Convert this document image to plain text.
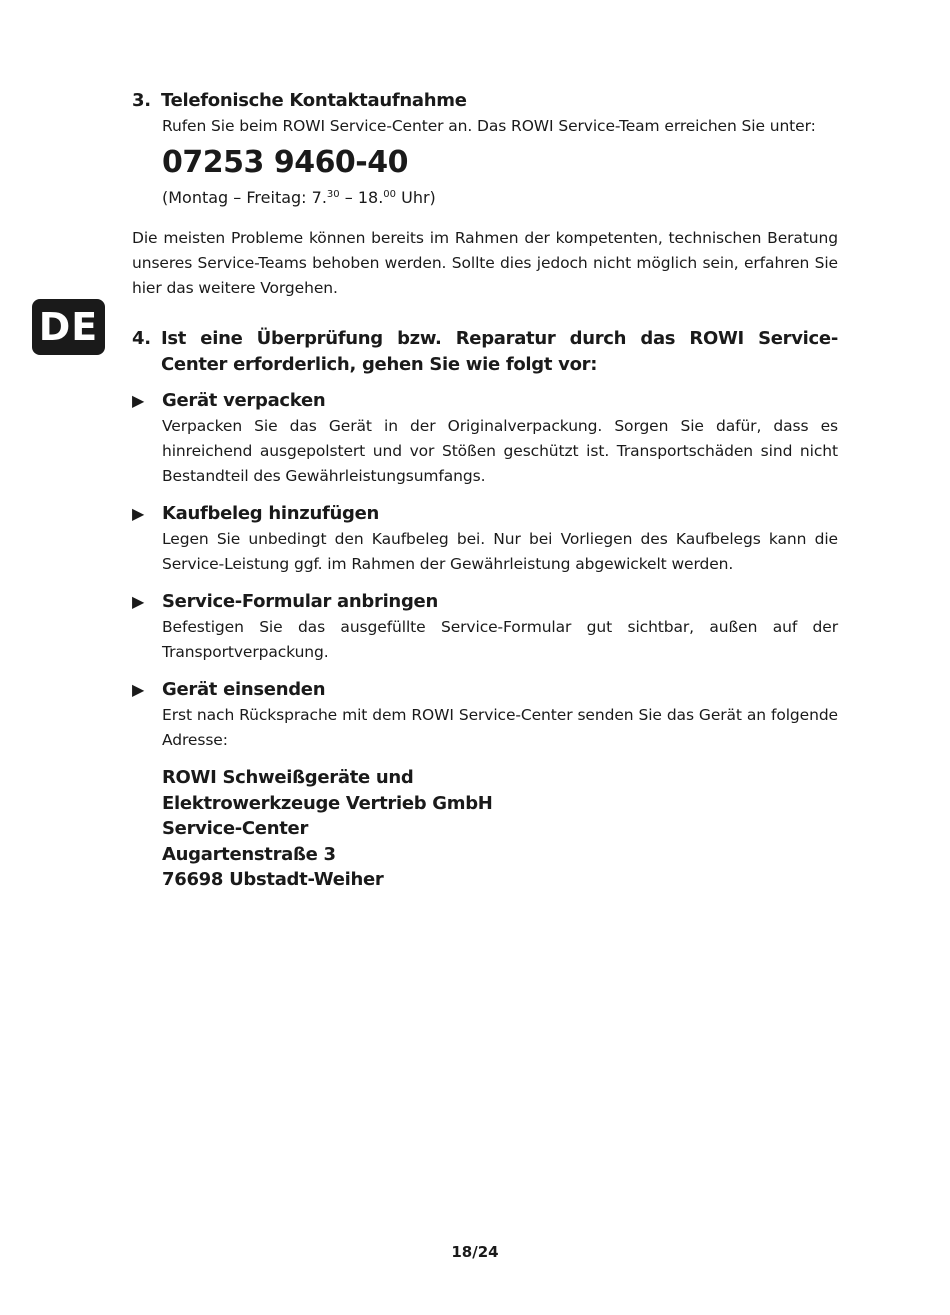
DE
3. Telefonische Kontaktaufnahme
Rufen Sie beim ROWI Service-Center an. Das ROWI Service-Team erreichen Sie unter:
07253 9460-40
(Montag – Freitag: 7.30 – 18.00 Uhr)
Die meisten Probleme können bereits im Rahmen der kompetenten, technischen Beratung unseres Service-Teams behoben werden. Sollte dies jedoch nicht möglich sein, erfahren Sie hier das weitere Vorgehen.
4. Ist eine Überprüfung bzw. Reparatur durch das ROWI Service-Center erforderlich, gehen Sie wie folgt vor:
▶ Gerät verpacken
Verpacken Sie das Gerät in der Originalverpackung. Sorgen Sie dafür, dass es hinreichend ausgepolstert und vor Stößen geschützt ist. Transportschäden sind nicht Bestandteil des Gewährleistungsumfangs.
▶ Kaufbeleg hinzufügen
Legen Sie unbedingt den Kaufbeleg bei. Nur bei Vorliegen des Kaufbelegs kann die Service-Leistung ggf. im Rahmen der Gewährleistung abgewickelt werden.
▶ Service-Formular anbringen
Befestigen Sie das ausgefüllte Service-Formular gut sichtbar, außen auf der Transportverpackung.
▶ Gerät einsenden
Erst nach Rücksprache mit dem ROWI Service-Center senden Sie das Gerät an folgende Adresse:
ROWI Schweißgeräte und
Elektrowerkzeuge Vertrieb GmbH
Service-Center
Augartenstraße 3
76698 Ubstadt-Weiher
18/24
